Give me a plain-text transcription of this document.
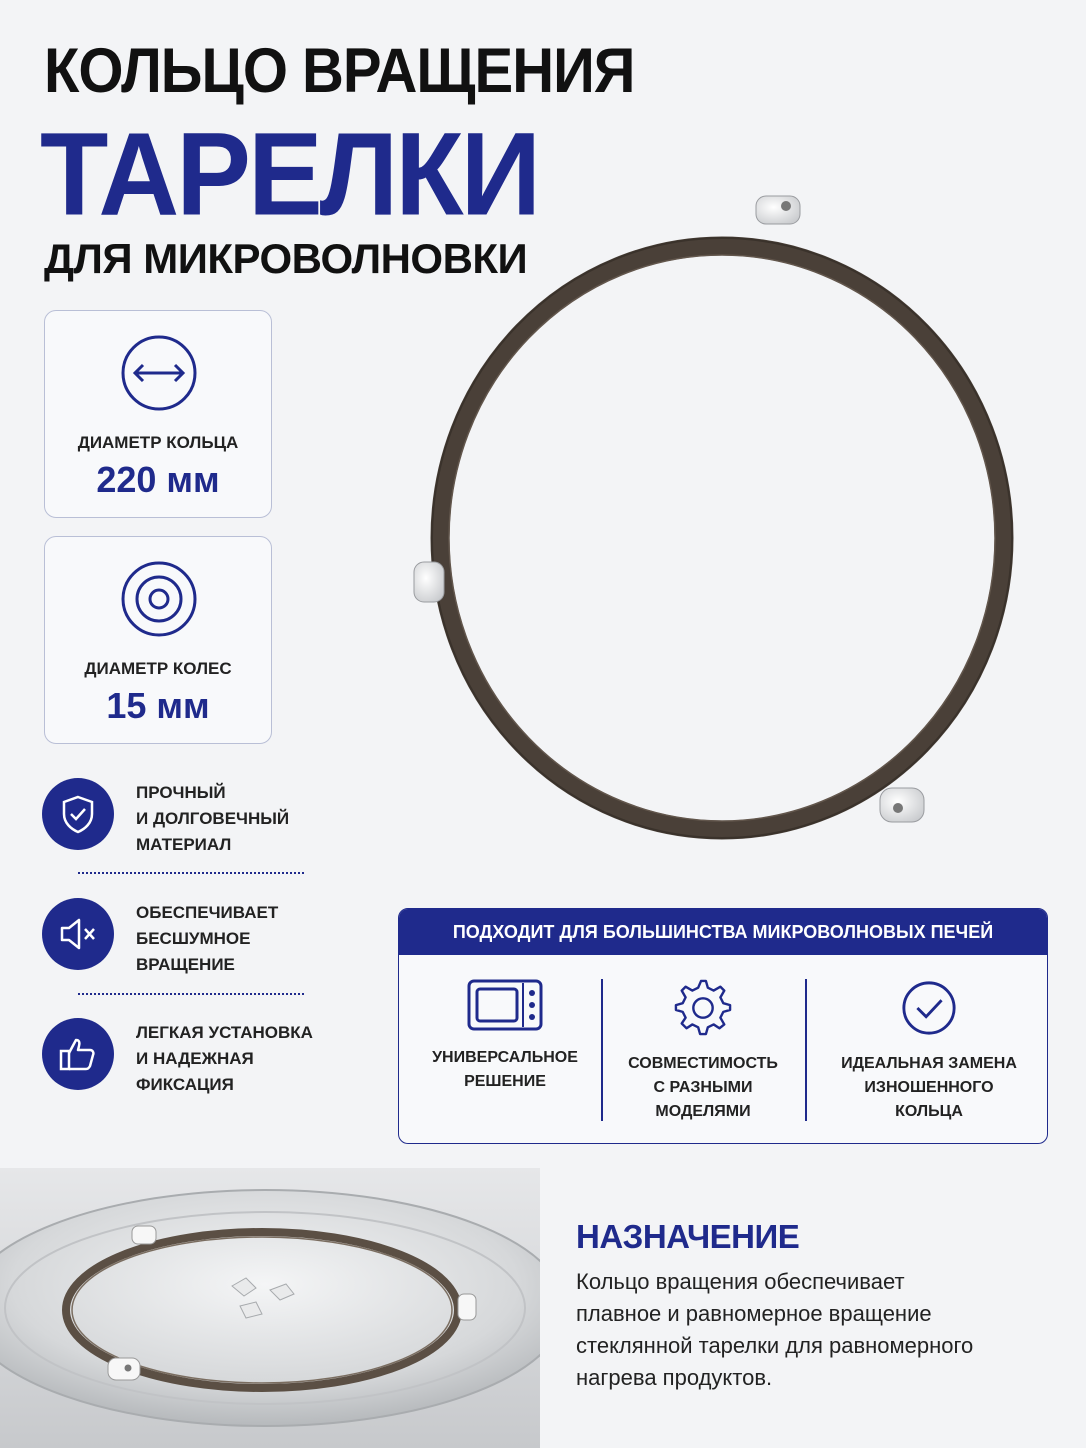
КОЛЬЦО ВРАЩЕНИЯ
ТАРЕЛКИ
ДЛЯ МИКРОВОЛНОВКИ
ДИАМЕТР КОЛЬЦА
220 мм
ДИАМЕТР КОЛЕС
15 мм
ПРОЧНЫЙ
И ДОЛГОВЕЧНЫЙ
МАТЕРИАЛ
ОБЕСПЕЧИВАЕТ
БЕСШУМНОЕ
ВРАЩЕНИЕ
ЛЕГКАЯ УСТАНОВКА
И НАДЕЖНАЯ
ФИКСАЦИЯ
ПОДХОДИТ ДЛЯ БОЛЬШИНСТВА МИКРОВОЛНОВЫХ ПЕЧЕЙ
УНИВЕРСАЛЬНОЕ
РЕШЕНИЕ
СОВМЕСТИМОСТЬ
С РАЗНЫМИ
МОДЕЛЯМИ
ИДЕАЛЬНАЯ ЗАМЕНА
ИЗНОШЕННОГО
КОЛЬЦА
НАЗНАЧЕНИЕ
Кольцо вращения обеспечивает
плавное и равномерное вращение
стеклянной тарелки для равномерного
нагрева продуктов.
